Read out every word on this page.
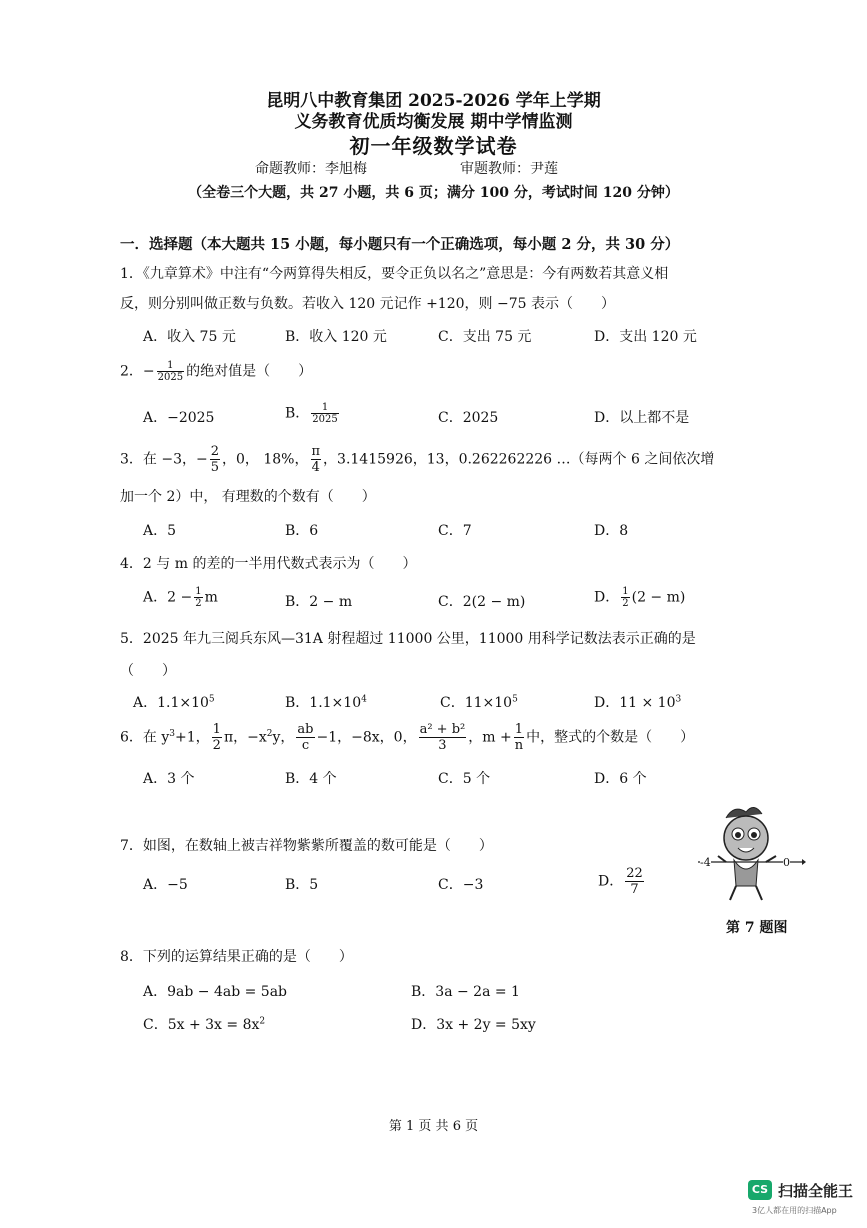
昆明八中教育集团 2025-2026 学年上学期
义务教育优质均衡发展 期中学情监测
初一年级数学试卷
命题教师：李旭梅	审题教师：尹莲
（全卷三个大题，共 27 小题，共 6 页；满分 100 分，考试时间 120 分钟）
一．选择题（本大题共 15 小题，每小题只有一个正确选项，每小题 2 分，共 30 分）
1．《九章算术》中注有“今两算得失相反，要令正负以名之”意思是：今有两数若其意义相
反，则分别叫做正数与负数。若收入 120 元记作 +120，则 −75 表示（　　）
A．收入 75 元	B．收入 120 元	C．支出 75 元	D．支出 120 元
2．− $\frac{1}{2025}$ 的绝对值是（　　）
A．−2025	B． $\frac{1}{2025}$	C．2025	D．以上都不是
3．在 −3，− $\frac{2}{5}$ ，0， 18%， $\frac{\pi}{4}$ ，3.1415926，13，0.262262226 …（每两个 6 之间依次增
加一个 2）中， 有理数的个数有（　　）
A．5	B．6	C．7	D．8
4．2 与 m 的差的一半用代数式表示为（　　）
A．$2 - \frac{1}{2}$ m	B．2 − m	C．2(2 − m)	D． $\frac{1}{2} (2 - m)$
5．2025 年九三阅兵东风—31A 射程超过 11000 公里，11000 用科学记数法表示正确的是
（　　）
A．$1.1\times 10^5$	B．$1.1\times 10^4$	C．$11\times 10^5$	D．$11 \times 10^3$
6．在 $y^3+1$， $\frac{1}{2}$ π，$-x^2y$， $\frac{ab}{c} -1$，−8x，0， $\frac{\text{a² + b²}}{3}$ ，$m + \frac{1}{n}$ 中，整式的个数是（　　）
A．3 个	B．4 个	C．5 个	D．6 个
7．如图，在数轴上被吉祥物紫紫所覆盖的数可能是（　　）
A．−5	B．5	C．−3	D． $\frac{22}{7}$
-4	0
第 7 题图
8．下列的运算结果正确的是（　　）
A．9ab − 4ab = 5ab	B．3a − 2a = 1
C．$5x + 3x = 8x^2$	D．3x + 2y = 5xy
第 1 页 共 6 页
CS 扫描全能王
3亿人都在用的扫描App
